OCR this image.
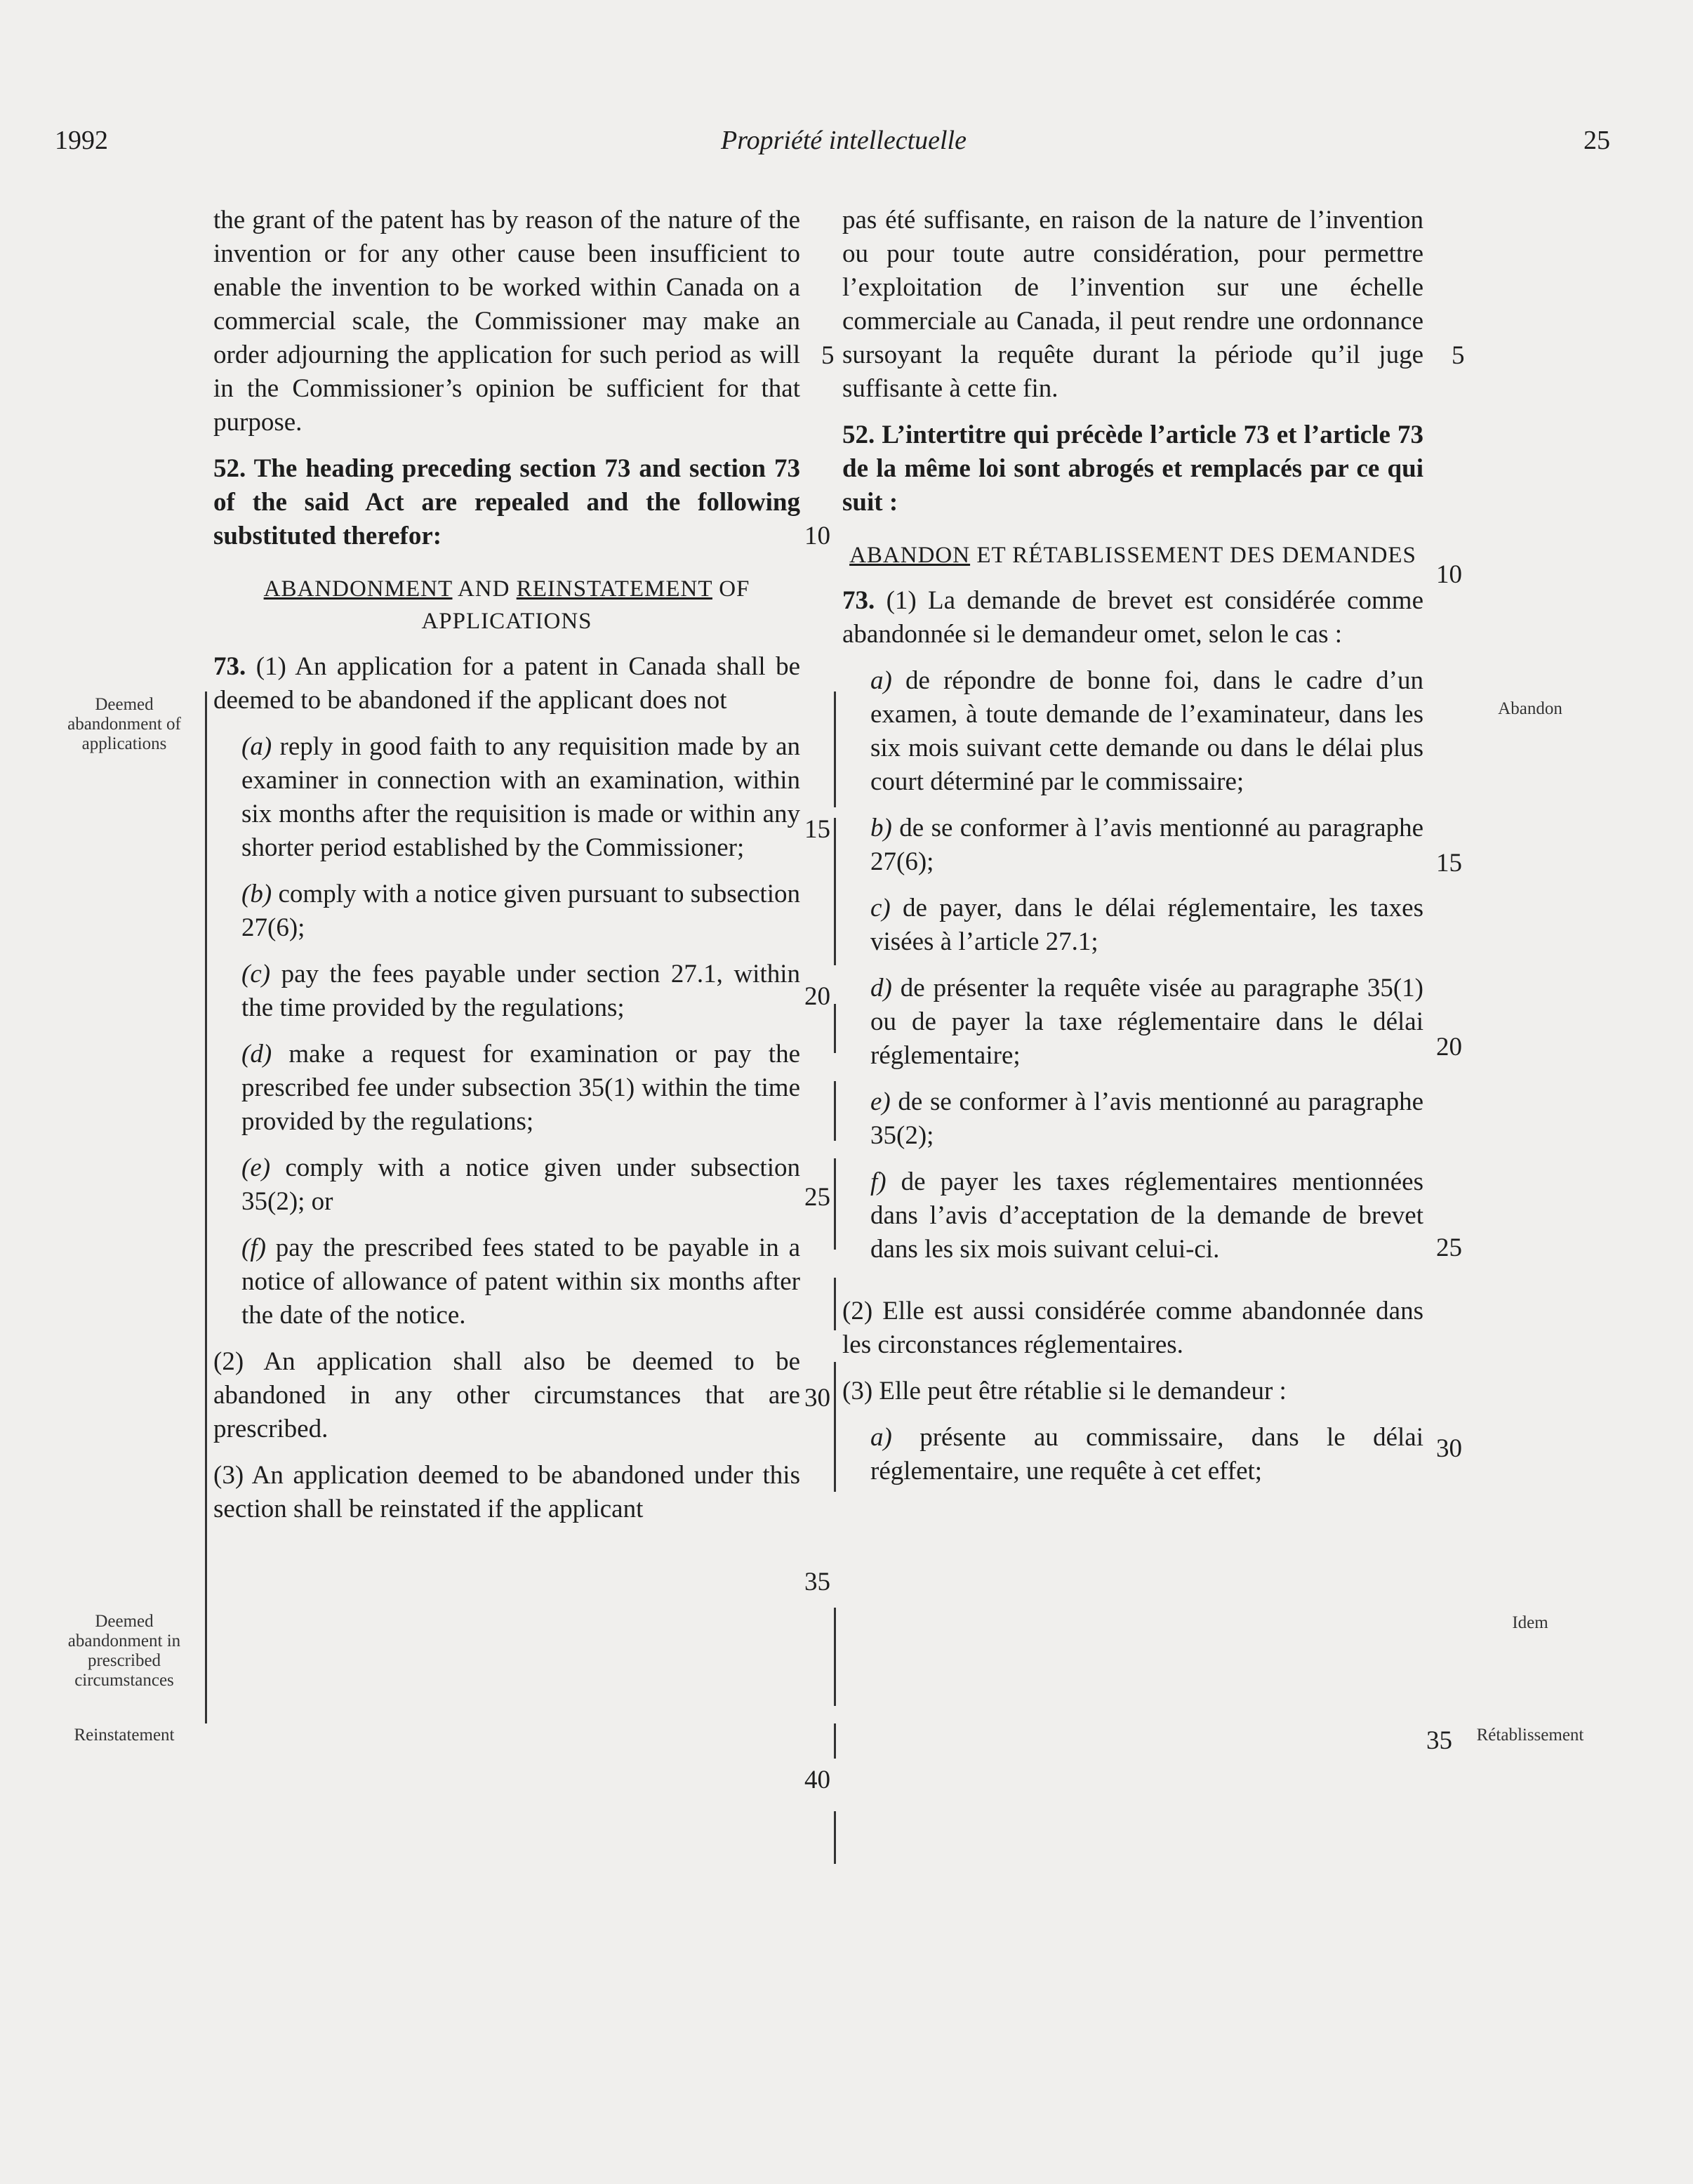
1992	Propriété intellectuelle	25

the grant of the patent has by reason of the nature of the invention or for any other cause been insufficient to enable the invention to be worked within Canada on a commercial scale, the Commissioner may make an order adjourning the application for such period as will in the Commissioner’s opinion be sufficient for that purpose.

52. The heading preceding section 73 and section 73 of the said Act are repealed and the following substituted therefor:

ABANDONMENT AND REINSTATEMENT OF APPLICATIONS

73. (1) An application for a patent in Canada shall be deemed to be abandoned if the applicant does not

(a) reply in good faith to any requisition made by an examiner in connection with an examination, within six months after the requisition is made or within any shorter period established by the Commissioner;

(b) comply with a notice given pursuant to subsection 27(6);

(c) pay the fees payable under section 27.1, within the time provided by the regulations;

(d) make a request for examination or pay the prescribed fee under subsection 35(1) within the time provided by the regulations;

(e) comply with a notice given under subsection 35(2); or

(f) pay the prescribed fees stated to be payable in a notice of allowance of patent within six months after the date of the notice.

(2) An application shall also be deemed to be abandoned in any other circumstances that are prescribed.

(3) An application deemed to be abandoned under this section shall be reinstated if the applicant

pas été suffisante, en raison de la nature de l’invention ou pour toute autre considération, pour permettre l’exploitation de l’invention sur une échelle commerciale au Canada, il peut rendre une ordonnance sursoyant la requête durant la période qu’il juge suffisante à cette fin.

52. L’intertitre qui précède l’article 73 et l’article 73 de la même loi sont abrogés et remplacés par ce qui suit :

ABANDON ET RÉTABLISSEMENT DES DEMANDES

73. (1) La demande de brevet est considérée comme abandonnée si le demandeur omet, selon le cas :

a) de répondre de bonne foi, dans le cadre d’un examen, à toute demande de l’examinateur, dans les six mois suivant cette demande ou dans le délai plus court déterminé par le commissaire;

b) de se conformer à l’avis mentionné au paragraphe 27(6);

c) de payer, dans le délai réglementaire, les taxes visées à l’article 27.1;

d) de présenter la requête visée au paragraphe 35(1) ou de payer la taxe réglementaire dans le délai réglementaire;

e) de se conformer à l’avis mentionné au paragraphe 35(2);

f) de payer les taxes réglementaires mentionnées dans l’avis d’acceptation de la demande de brevet dans les six mois suivant celui-ci.

(2) Elle est aussi considérée comme abandonnée dans les circonstances réglementaires.

(3) Elle peut être rétablie si le demandeur :

a) présente au commissaire, dans le délai réglementaire, une requête à cet effet;

Deemed abandonment of applications
Deemed abandonment in prescribed circumstances
Reinstatement
Abandon
Idem
Rétablissement
5
10
15
20
25
30
35
40
5
10
15
20
25
30
35
